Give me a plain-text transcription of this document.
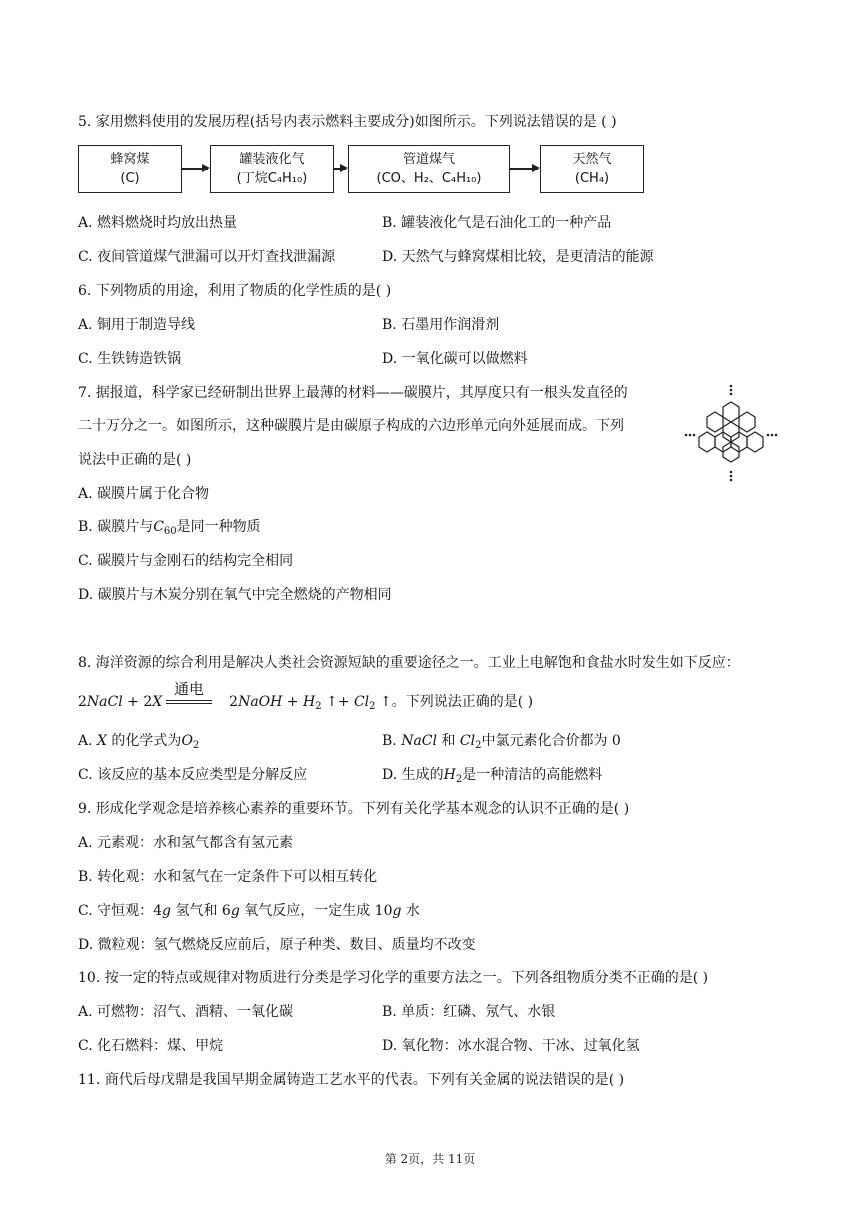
5. 家用燃料使用的发展历程(括号内表示燃料主要成分)如图所示。下列说法错误的是 ( )
蜂窝煤
(C)
罐装液化气
(丁烷C₄H₁₀)
管道煤气
(CO、H₂、C₄H₁₀)
天然气
(CH₄)
A. 燃料燃烧时均放出热量	B. 罐装液化气是石油化工的一种产品
C. 夜间管道煤气泄漏可以开灯查找泄漏源	D. 天然气与蜂窝煤相比较，是更清洁的能源
6. 下列物质的用途，利用了物质的化学性质的是( )
A. 铜用于制造导线	B. 石墨用作润滑剂
C. 生铁铸造铁锅	D. 一氧化碳可以做燃料
7. 据报道，科学家已经研制出世界上最薄的材料——碳膜片，其厚度只有一根头发直径的
二十万分之一。如图所示，这种碳膜片是由碳原子构成的六边形单元向外延展而成。下列
说法中正确的是( )
A. 碳膜片属于化合物
B. 碳膜片与$C_{60}$是同一种物质
C. 碳膜片与金刚石的结构完全相同
D. 碳膜片与木炭分别在氧气中完全燃烧的产物相同
8. 海洋资源的综合利用是解决人类社会资源短缺的重要途径之一。工业上电解饱和食盐水时发生如下反应：
2NaCl + 2X	2NaOH + $H_2$ ↑+ $Cl_2$ ↑。下列说法正确的是( )
通电
A. X 的化学式为$O_2$	B. NaCl 和 $Cl_2$中氯元素化合价都为 0
C. 该反应的基本反应类型是分解反应	D. 生成的$H_2$是一种清洁的高能燃料
9. 形成化学观念是培养核心素养的重要环节。下列有关化学基本观念的认识不正确的是( )
A. 元素观：水和氢气都含有氢元素
B. 转化观：水和氢气在一定条件下可以相互转化
C. 守恒观：4g 氢气和 6g 氧气反应，一定生成 10g 水
D. 微粒观：氢气燃烧反应前后，原子种类、数目、质量均不改变
10. 按一定的特点或规律对物质进行分类是学习化学的重要方法之一。下列各组物质分类不正确的是( )
A. 可燃物：沼气、酒精、一氧化碳	B. 单质：红磷、氖气、水银
C. 化石燃料：煤、甲烷	D. 氧化物：冰水混合物、干冰、过氧化氢
11. 商代后母戊鼎是我国早期金属铸造工艺水平的代表。下列有关金属的说法错误的是( )
第 2页，共 11页
